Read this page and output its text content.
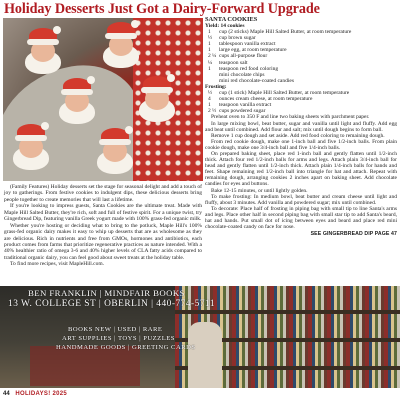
Holiday Desserts Just Got a Dairy-Forward Upgrade

(Family Features) Holiday desserts set the stage for seasonal delight and add a touch of joy to gatherings. From festive cookies to indulgent dips, these delicious desserts bring people together to create memories that will last a lifetime.

If you're looking to impress guests, Santa Cookies are the ultimate treat. Made with Maple Hill Salted Butter, they're rich, soft and full of festive spirit. For a unique twist, try Gingerbread Dip, featuring vanilla Greek yogurt made with 100% grass-fed organic milk.

Whether you're hosting or deciding what to bring to the potluck, Maple Hill's 100% grass-fed organic dairy makes it easy to whip up desserts that are as wholesome as they are delicious. Rich in nutrients and free from GMOs, hormones and antibiotics, each product comes from farms that prioritize regenerative practices as nature intended. With a 40% healthier ratio of omega 3-6 and 40% higher levels of CLA fatty acids compared to traditional organic dairy, you can feel good about sweet treats at the holiday table.

To find more recipes, visit MapleHill.com.

SANTA COOKIES
Yield: 14 cookies
1	cup (2 sticks) Maple Hill Salted Butter, at room temperature
½	cup brown sugar
1	tablespoon vanilla extract
1	large egg, at room temperature
2 ¼ cups all-purpose flour
¼	teaspoon salt
1	teaspoon red food coloring
mini chocolate chips
mini red chocolate-coated candies
Frosting:
½	cup (1 stick) Maple Hill Salted Butter, at room temperature
4	ounces cream cheese, at room temperature
1	teaspoon vanilla extract
2 ½ cups powdered sugar

Preheat oven to 350 F and line two baking sheets with parchment paper.

In large mixing bowl, beat butter, sugar and vanilla until light and fluffy. Add egg and beat until combined. Add flour and salt; mix until dough begins to form ball.

Remove 1 cup dough and set aside. Add red food coloring to remaining dough.

From red cookie dough, make one 1-inch ball and five 1/2-inch balls. From plain cookie dough, make one 3/4-inch ball and five 1/4-inch balls.

On prepared baking sheet, place red 1-inch ball and gently flatten until 1/2-inch thick. Attach four red 1/2-inch balls for arms and legs. Attach plain 3/4-inch ball for head and gently flatten until 1/2-inch thick. Attach plain 1/4-inch balls for hands and feet. Shape remaining red 1/2-inch ball into triangle for hat and attach. Repeat with remaining dough, arranging cookies 2 inches apart on baking sheet. Add chocolate candies for eyes and buttons.

Bake 12-15 minutes, or until lightly golden.

To make frosting: In medium bowl, beat butter and cream cheese until light and fluffy, about 3 minutes. Add vanilla and powdered sugar; mix until combined.

To decorate: Place half of frosting in piping bag with small tip to line Santa's arms and legs. Place other half in second piping bag with small star tip to add Santa's beard, hat and hands. Put small dot of icing between eyes and beard and place red mini chocolate-coated candy on face for nose.

SEE GINGERBREAD DIP PAGE 47
BEN FRANKLIN | MINDFAIR BOOKS
13 W. COLLEGE ST | OBERLIN | 440-774-5711
BOOKS NEW | USED | RARE
ART SUPPLIES | TOYS | PUZZLES
HANDMADE GOODS | GREETING CARDS
44 HOLIDAYS! 2025
